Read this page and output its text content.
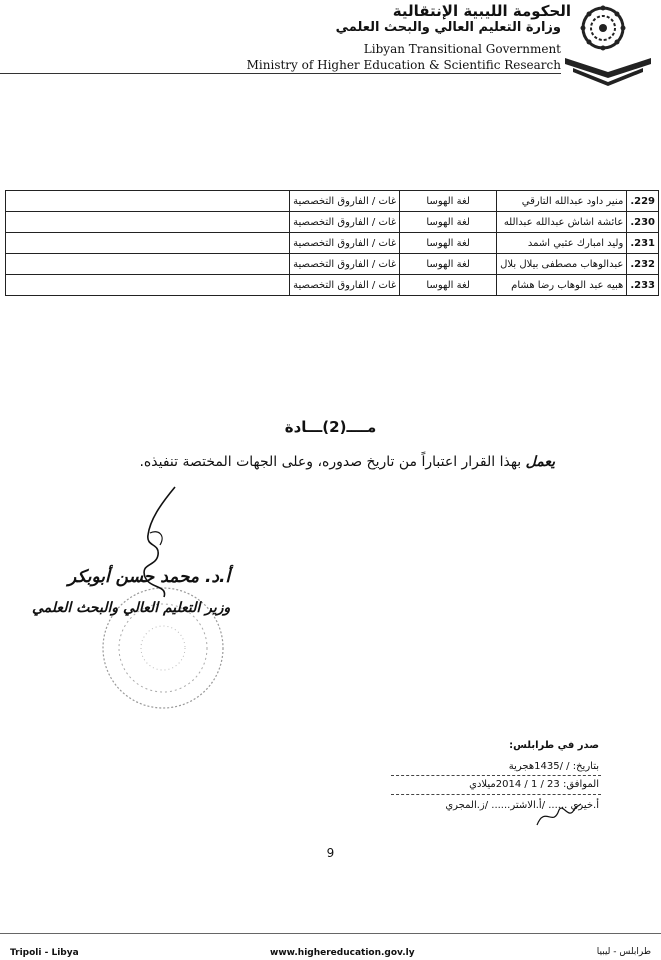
الحكومة الليبية الإنتقالية
وزارة التعليم العالي والبحث العلمي
Libyan Transitional Government
Ministry of Higher Education & Scientific Research
229.	منير داود عبدالله التارقي	لغة الهوسا	غات / الفاروق التخصصية	
230.	عائشة اشاش عبدالله عبدالله	لغة الهوسا	غات / الفاروق التخصصية	
231.	وليد امبارك عثبي اشمد	لغة الهوسا	غات / الفاروق التخصصية	
232.	عبدالوهاب مصطفى بيلال بلال	لغة الهوسا	غات / الفاروق التخصصية	
233.	هبيه عبد الوهاب رضا هشام	لغة الهوسا	غات / الفاروق التخصصية	
مــــ(2)ـــادة
يعمل بهذا القرار اعتباراً من تاريخ صدوره، وعلى الجهات المختصة تنفيذه.
أ.د. محمد حسن أبوبكر
وزير التعليم العالي والبحث العلمي
صدر في طرابلس:
بتاريخ: / /1435هجرية
الموافق: 23 / 1 / 2014ميلادي
أ.خيري ...... /أ.الاشتر...... /ز.المجري
9
Tripoli - Libya	www.highereducation.gov.ly	طرابلس - ليبيا
